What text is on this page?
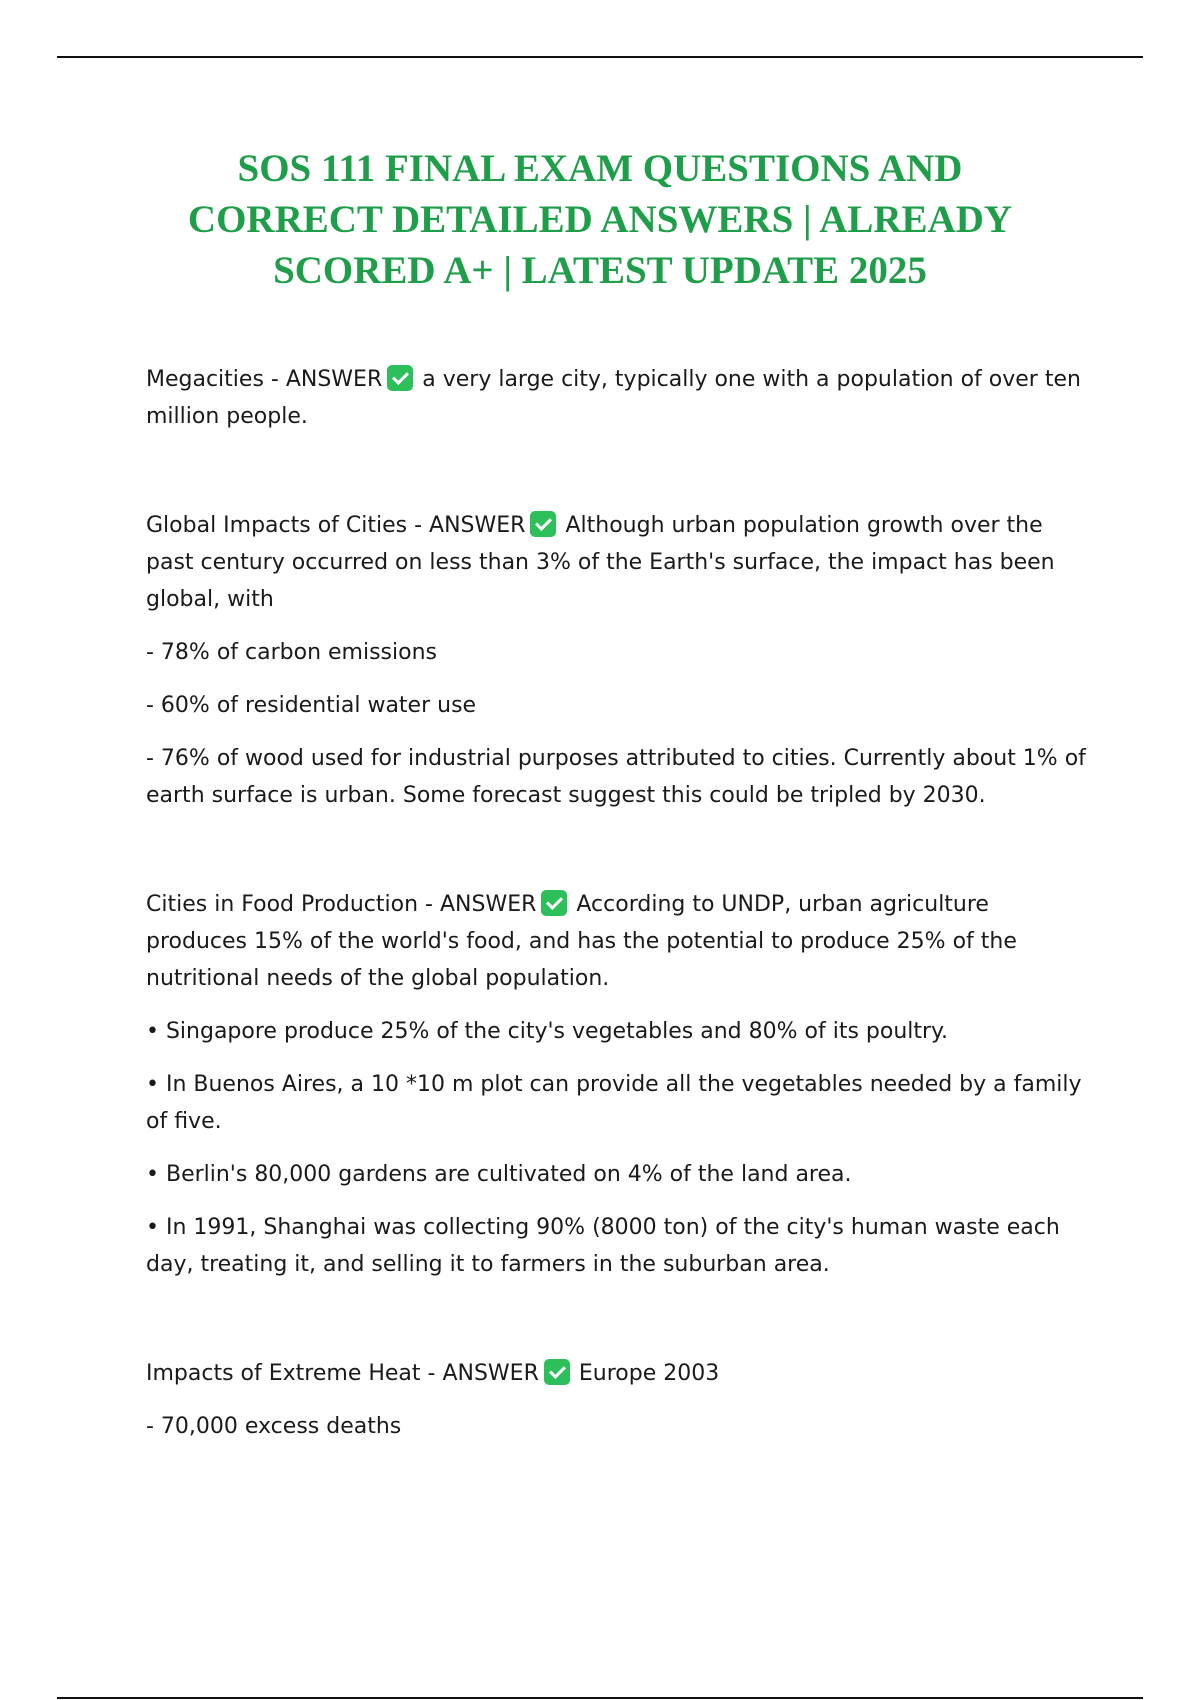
SOS 111 FINAL EXAM QUESTIONS AND
CORRECT DETAILED ANSWERS | ALREADY
SCORED A+ | LATEST UPDATE 2025

Megacities - ANSWER a very large city, typically one with a population of over ten million people.

Global Impacts of Cities - ANSWER Although urban population growth over the past century occurred on less than 3% of the Earth's surface, the impact has been global, with

- 78% of carbon emissions

- 60% of residential water use

- 76% of wood used for industrial purposes attributed to cities. Currently about 1% of earth surface is urban. Some forecast suggest this could be tripled by 2030.

Cities in Food Production - ANSWER According to UNDP, urban agriculture produces 15% of the world's food, and has the potential to produce 25% of the nutritional needs of the global population.

• Singapore produce 25% of the city's vegetables and 80% of its poultry.

• In Buenos Aires, a 10 *10 m plot can provide all the vegetables needed by a family of five.

• Berlin's 80,000 gardens are cultivated on 4% of the land area.

• In 1991, Shanghai was collecting 90% (8000 ton) of the city's human waste each day, treating it, and selling it to farmers in the suburban area.

Impacts of Extreme Heat - ANSWER Europe 2003

- 70,000 excess deaths
